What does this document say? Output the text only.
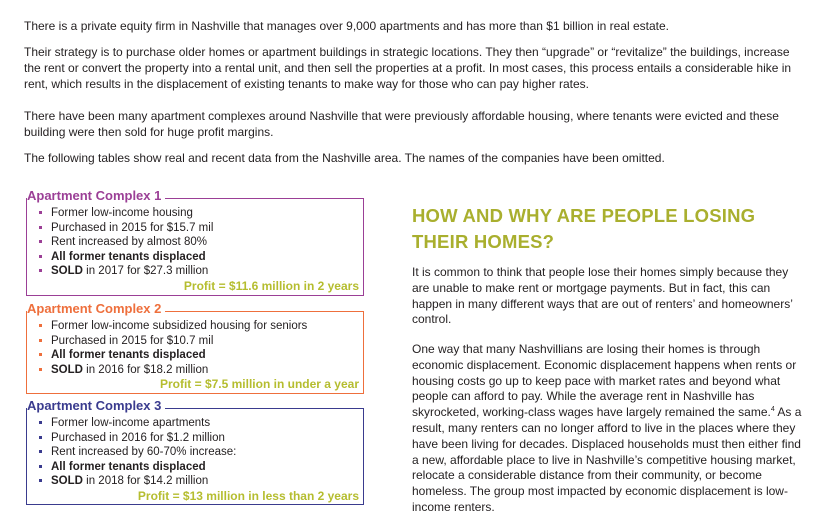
There is a private equity firm in Nashville that manages over 9,000 apartments and has more than $1 billion in real estate.

Their strategy is to purchase older homes or apartment buildings in strategic locations. They then “upgrade” or “revitalize” the buildings, increase the rent or convert the property into a rental unit, and then sell the properties at a profit. In most cases, this process entails a considerable hike in rent, which results in the displacement of existing tenants to make way for those who can pay higher rates.

There have been many apartment complexes around Nashville that were previously affordable housing, where tenants were evicted and these building were then sold for huge profit margins.

The following tables show real and recent data from the Nashville area. The names of the companies have been omitted.

Apartment Complex 1
Former low-income housing
Purchased in 2015 for $15.7 mil
Rent increased by almost 80%
All former tenants displaced
SOLD in 2017 for $27.3 million
Profit = $11.6 million in 2 years
Apartment Complex 2
Former low-income subsidized housing for seniors
Purchased in 2015 for $10.7 mil
All former tenants displaced
SOLD in 2016 for $18.2 million
Profit = $7.5 million in under a year
Apartment Complex 3
Former low-income apartments
Purchased in 2016 for $1.2 million
Rent increased by 60-70% increase:
All former tenants displaced
SOLD in 2018 for $14.2 million
Profit = $13 million in less than 2 years
HOW AND WHY ARE PEOPLE LOSING THEIR HOMES?

It is common to think that people lose their homes simply because they are unable to make rent or mortgage payments. But in fact, this can happen in many different ways that are out of renters’ and homeowners’ control.

One way that many Nashvillians are losing their homes is through economic displacement. Economic displacement happens when rents or housing costs go up to keep pace with market rates and beyond what people can afford to pay. While the average rent in Nashville has skyrocketed, working-class wages have largely remained the same.$^4$ As a result, many renters can no longer afford to live in the places where they have been living for decades. Displaced households must then either find a new, affordable place to live in Nashville’s competitive housing market, relocate a considerable distance from their community, or become homeless. The group most impacted by economic displacement is low-income renters.
